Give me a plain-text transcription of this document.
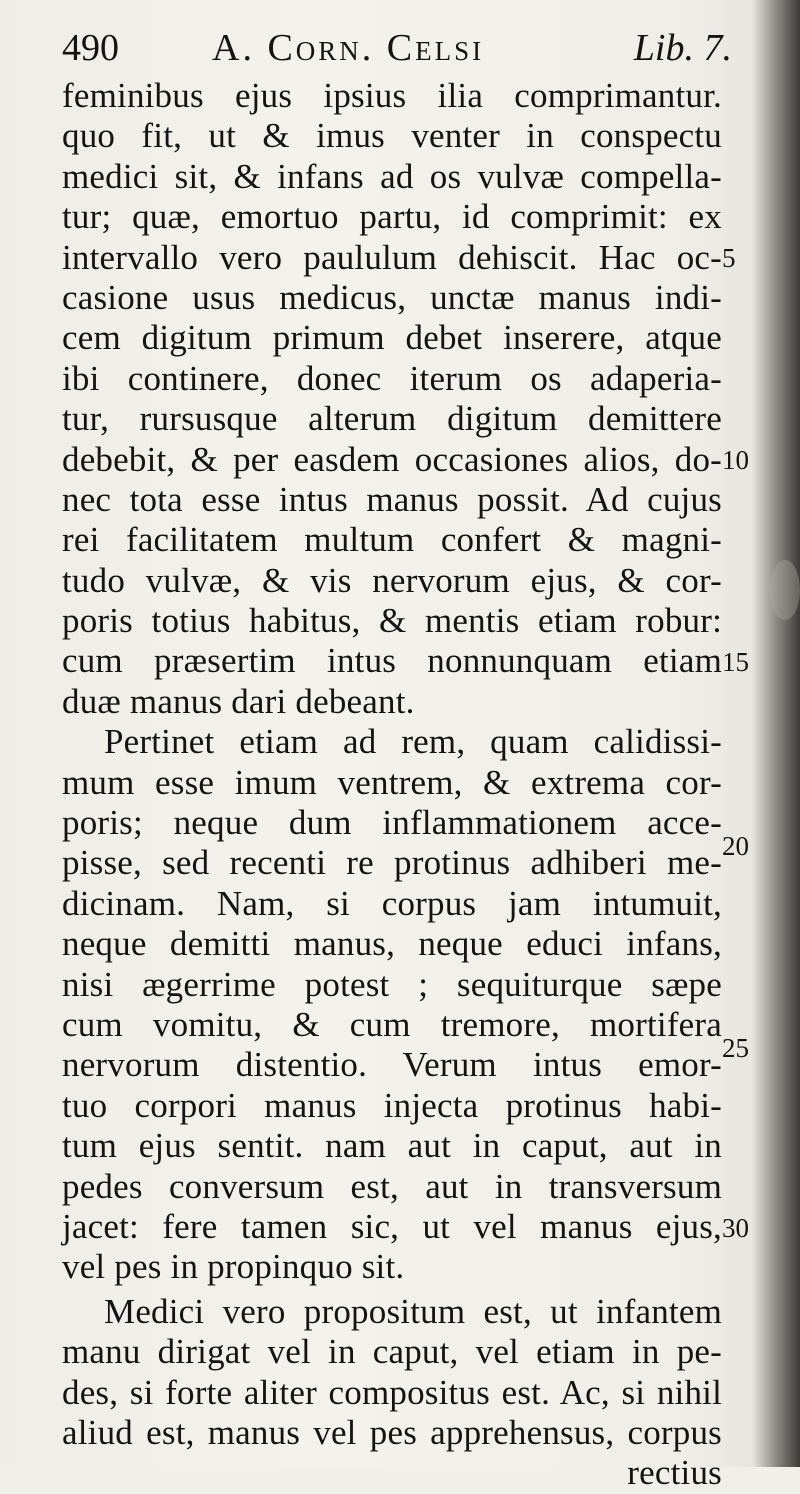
490 A. Corn. Celsi	Lib. 7.
feminibus ejus ipsius ilia comprimantur.
quo fit, ut & imus venter in conspectu
medici sit, & infans ad os vulvæ compella-
tur; quæ, emortuo partu, id comprimit: ex
intervallo vero paululum dehiscit. Hac oc-
casione usus medicus, unctæ manus indi-
cem digitum primum debet inserere, atque
ibi continere, donec iterum os adaperia-
tur, rursusque alterum digitum demittere
debebit, & per easdem occasiones alios, do-
nec tota esse intus manus possit. Ad cujus
rei facilitatem multum confert & magni-
tudo vulvæ, & vis nervorum ejus, & cor-
poris totius habitus, & mentis etiam robur:
cum præsertim intus nonnunquam etiam
duæ manus dari debeant.
Pertinet etiam ad rem, quam calidissi-
mum esse imum ventrem, & extrema cor-
poris; neque dum inflammationem acce-
pisse, sed recenti re protinus adhiberi me-
dicinam. Nam, si corpus jam intumuit,
neque demitti manus, neque educi infans,
nisi ægerrime potest ; sequiturque sæpe
cum vomitu, & cum tremore, mortifera
nervorum distentio. Verum intus emor-
tuo corpori manus injecta protinus habi-
tum ejus sentit. nam aut in caput, aut in
pedes conversum est, aut in transversum
jacet: fere tamen sic, ut vel manus ejus,
vel pes in propinquo sit.
Medici vero propositum est, ut infantem
manu dirigat vel in caput, vel etiam in pe-
des, si forte aliter compositus est. Ac, si nihil
aliud est, manus vel pes apprehensus, corpus
rectius
5
10
15
20
25
30
